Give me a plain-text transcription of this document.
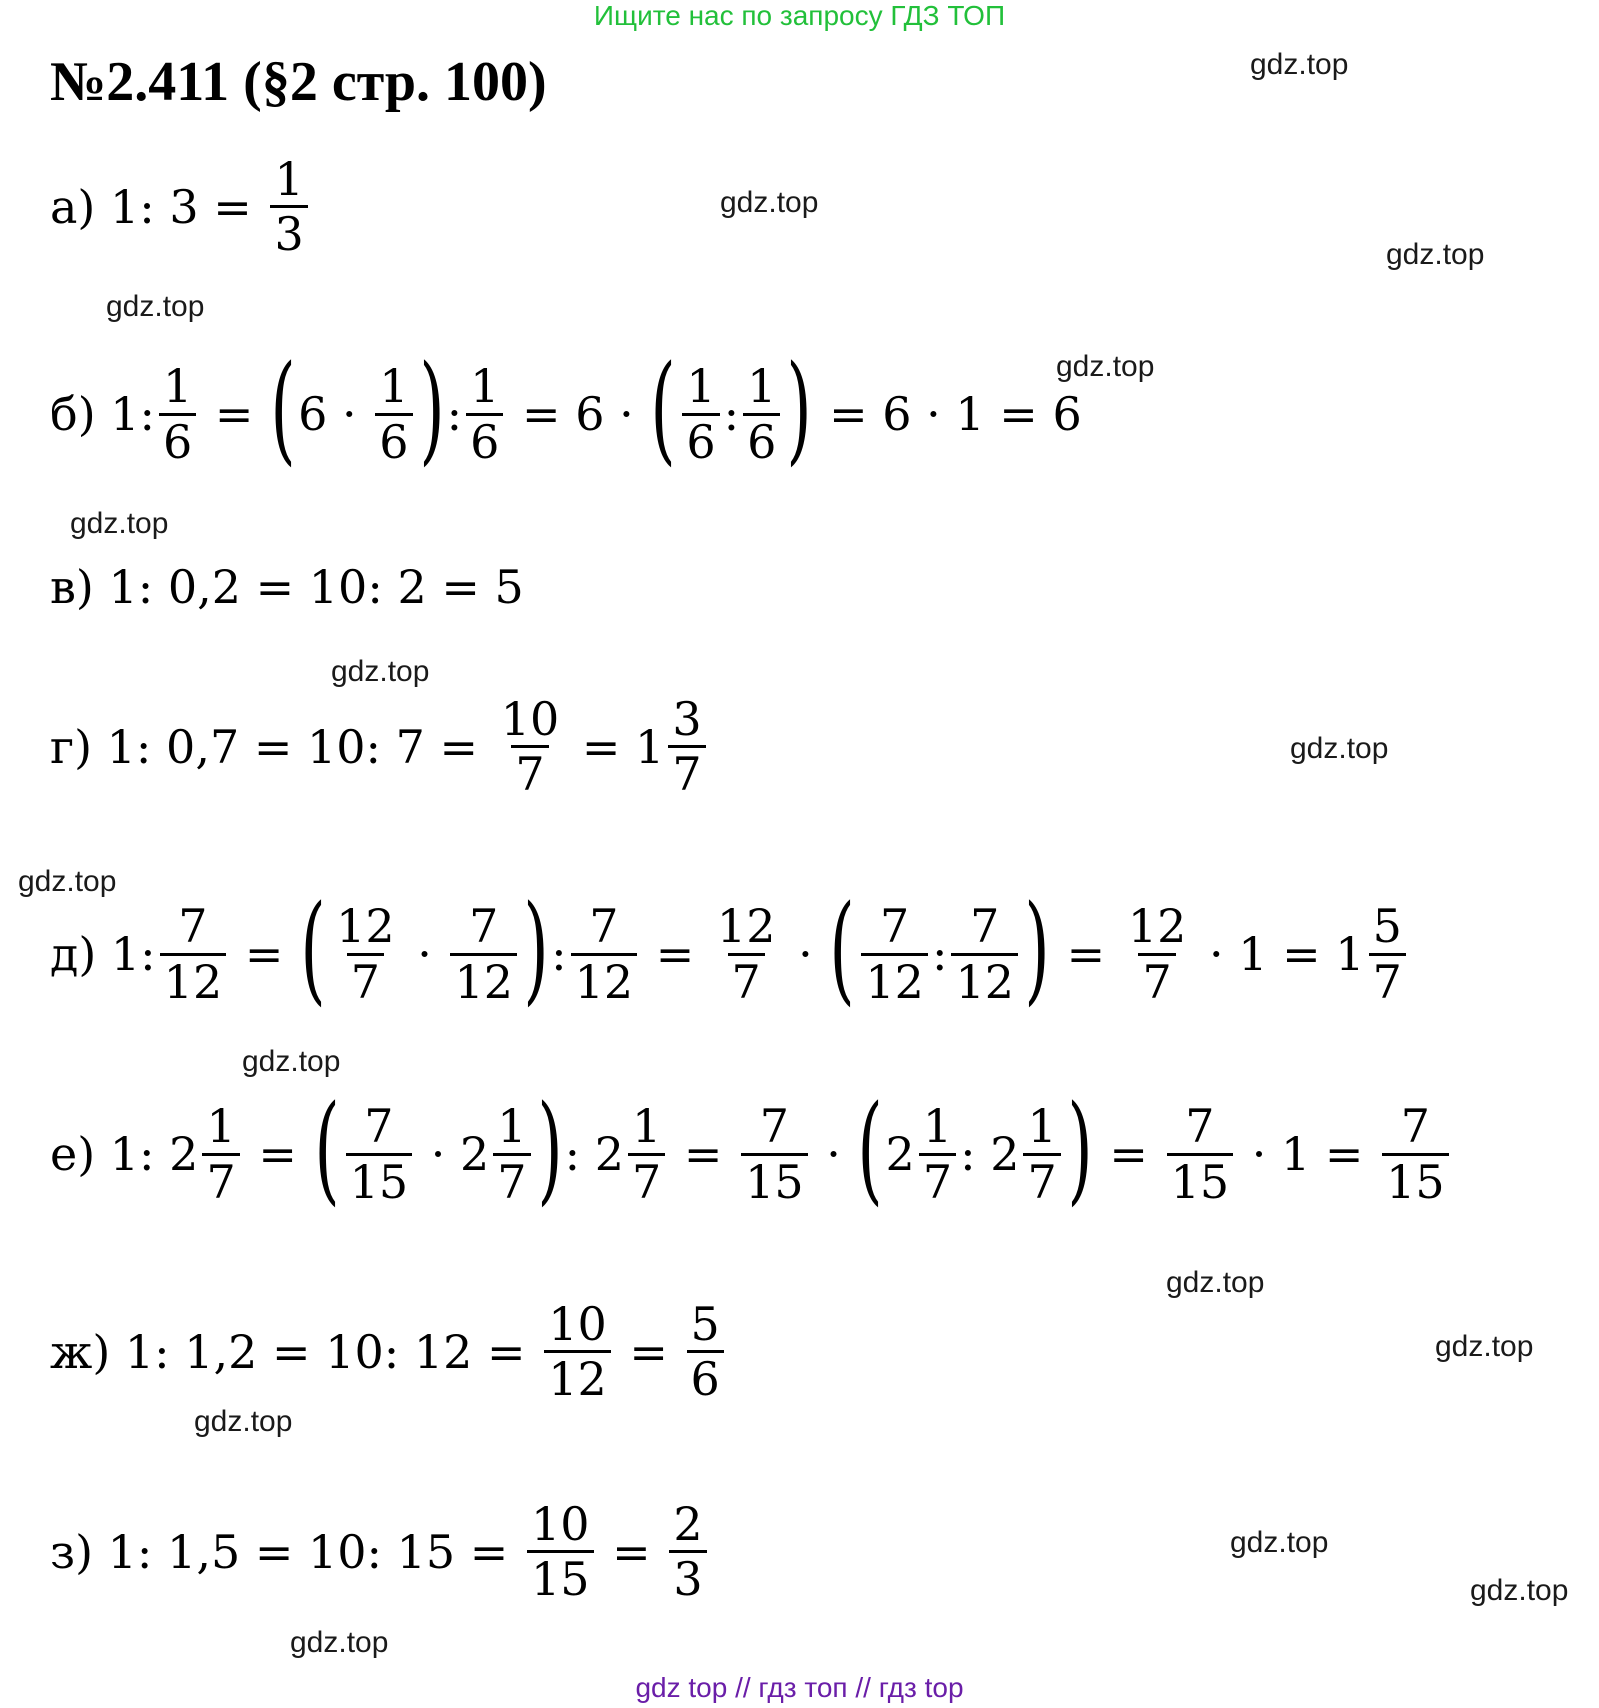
Ищите нас по запросу ГДЗ ТОП
№2.411 (§2 стр. 100)	gdz.top
gdz.top
gdz.top
gdz.top
gdz.top
gdz.top
gdz.top
gdz.top
gdz.top
gdz.top
gdz.top
gdz.top
gdz.top
gdz.top
gdz.top
gdz.top
а) 1: $3 = \frac{1}{3}$
б) 1: $\frac{1}{6}$ = ( $6 \cdot \frac{1}{6}$ ) : $\frac{1}{6} = 6$ · ( $\frac{1}{6}$ : $\frac{1}{6}$ ) = 6 · 1 = 6
в) 1: 0,2 = 10: 2 = 5
г) 1: 0,7 = 10: $7 = \frac{10}{7} = 1 \frac{3}{7}$
д) 1: $\frac{7}{12}$ = ( $\frac{12}{7} \cdot \frac{7}{12}$ ) : $\frac{7}{12} = \frac{12}{7}$ · ( $\frac{7}{12}$ : $\frac{7}{12}$ ) = $\frac{12}{7} \cdot 1 = 1 \frac{5}{7}$
е) 1: $2 \frac{1}{7}$ = ( $\frac{7}{15} \cdot 2 \frac{1}{7}$ ) : $2 \frac{1}{7} = \frac{7}{15}$ · ( $2 \frac{1}{7}$ : $2 \frac{1}{7}$ ) = $\frac{7}{15} \cdot 1 = \frac{7}{15}$
ж) 1: 1,2 = 10: $12 = \frac{10}{12} = \frac{5}{6}$
з) 1: 1,5 = 10: $15 = \frac{10}{15} = \frac{2}{3}$
gdz top // гдз топ // гдз top
